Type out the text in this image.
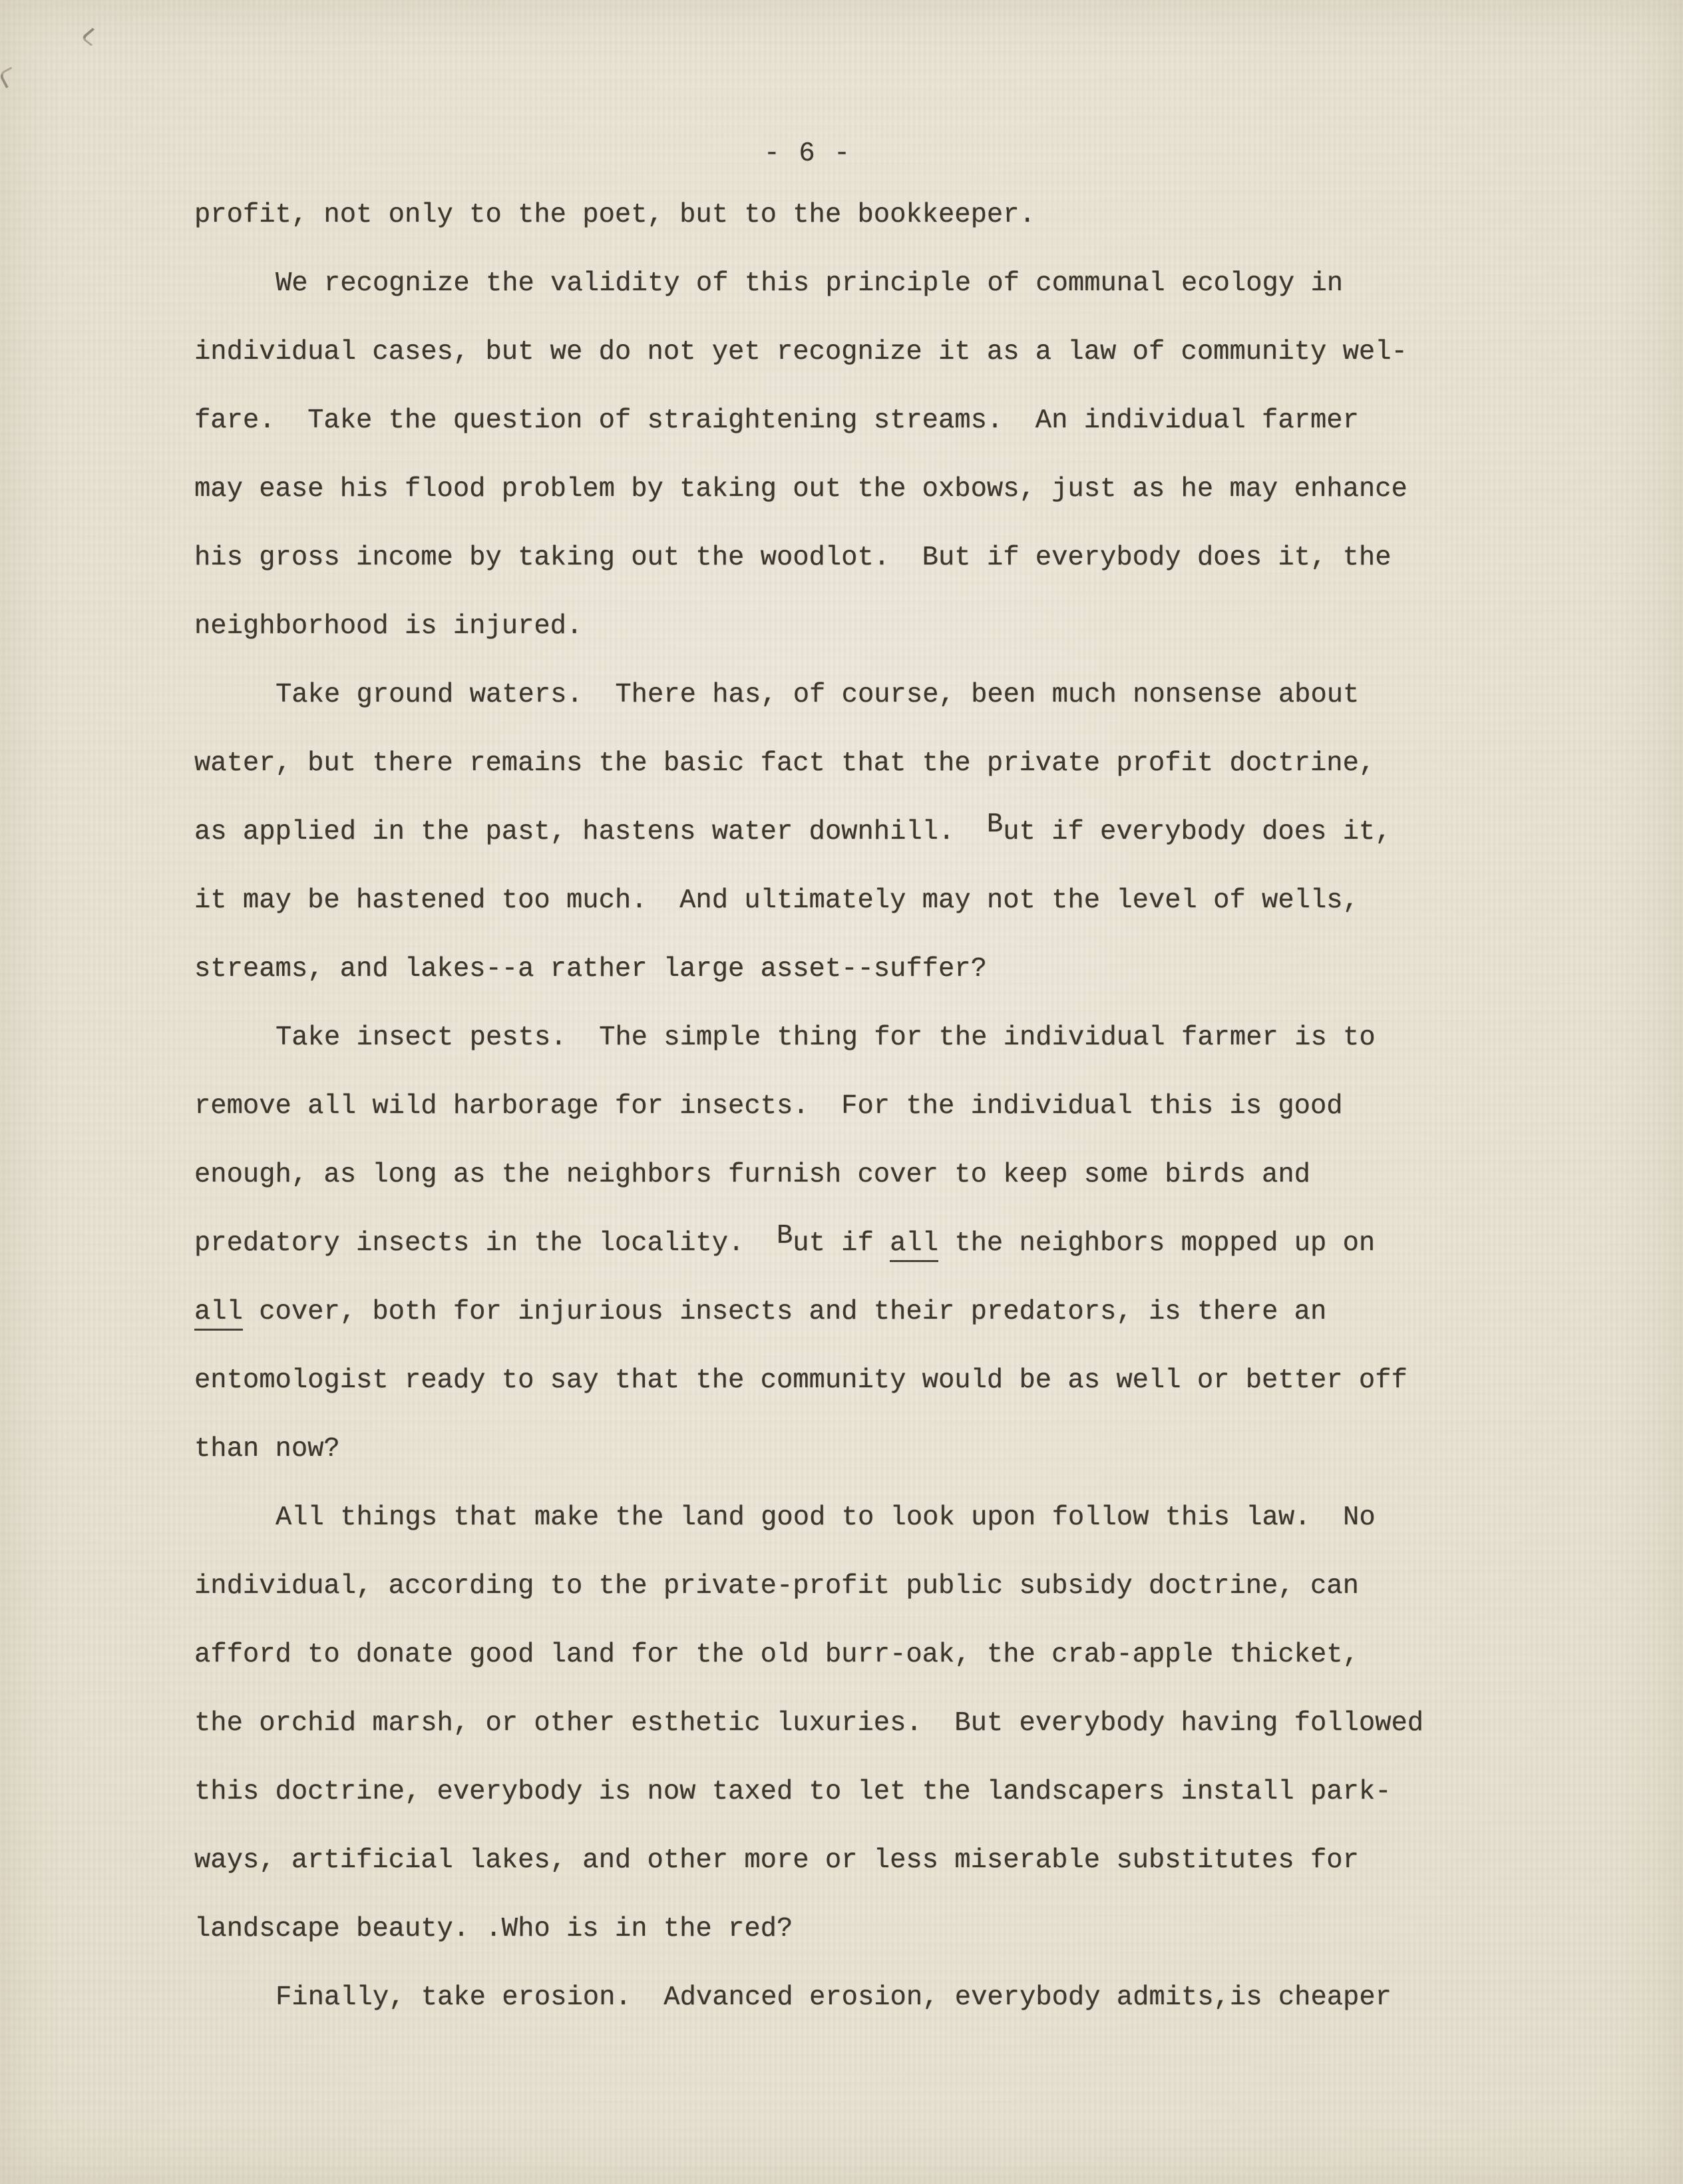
- 6 -
profit, not only to the poet, but to the bookkeeper.
We recognize the validity of this principle of communal ecology in
individual cases, but we do not yet recognize it as a law of community wel-
fare.  Take the question of straightening streams.  An individual farmer
may ease his flood problem by taking out the oxbows, just as he may enhance
his gross income by taking out the woodlot.  But if everybody does it, the
neighborhood is injured.
Take ground waters.  There has, of course, been much nonsense about
water, but there remains the basic fact that the private profit doctrine,
as applied in the past, hastens water downhill.  But if everybody does it,
it may be hastened too much.  And ultimately may not the level of wells,
streams, and lakes--a rather large asset--suffer?
Take insect pests.  The simple thing for the individual farmer is to
remove all wild harborage for insects.  For the individual this is good
enough, as long as the neighbors furnish cover to keep some birds and
predatory insects in the locality.  But if all the neighbors mopped up on
all cover, both for injurious insects and their predators, is there an
entomologist ready to say that the community would be as well or better off
than now?
All things that make the land good to look upon follow this law.  No
individual, according to the private-profit public subsidy doctrine, can
afford to donate good land for the old burr-oak, the crab-apple thicket,
the orchid marsh, or other esthetic luxuries.  But everybody having followed
this doctrine, everybody is now taxed to let the landscapers install park-
ways, artificial lakes, and other more or less miserable substitutes for
landscape beauty. .Who is in the red?
Finally, take erosion.  Advanced erosion, everybody admits,is cheaper
